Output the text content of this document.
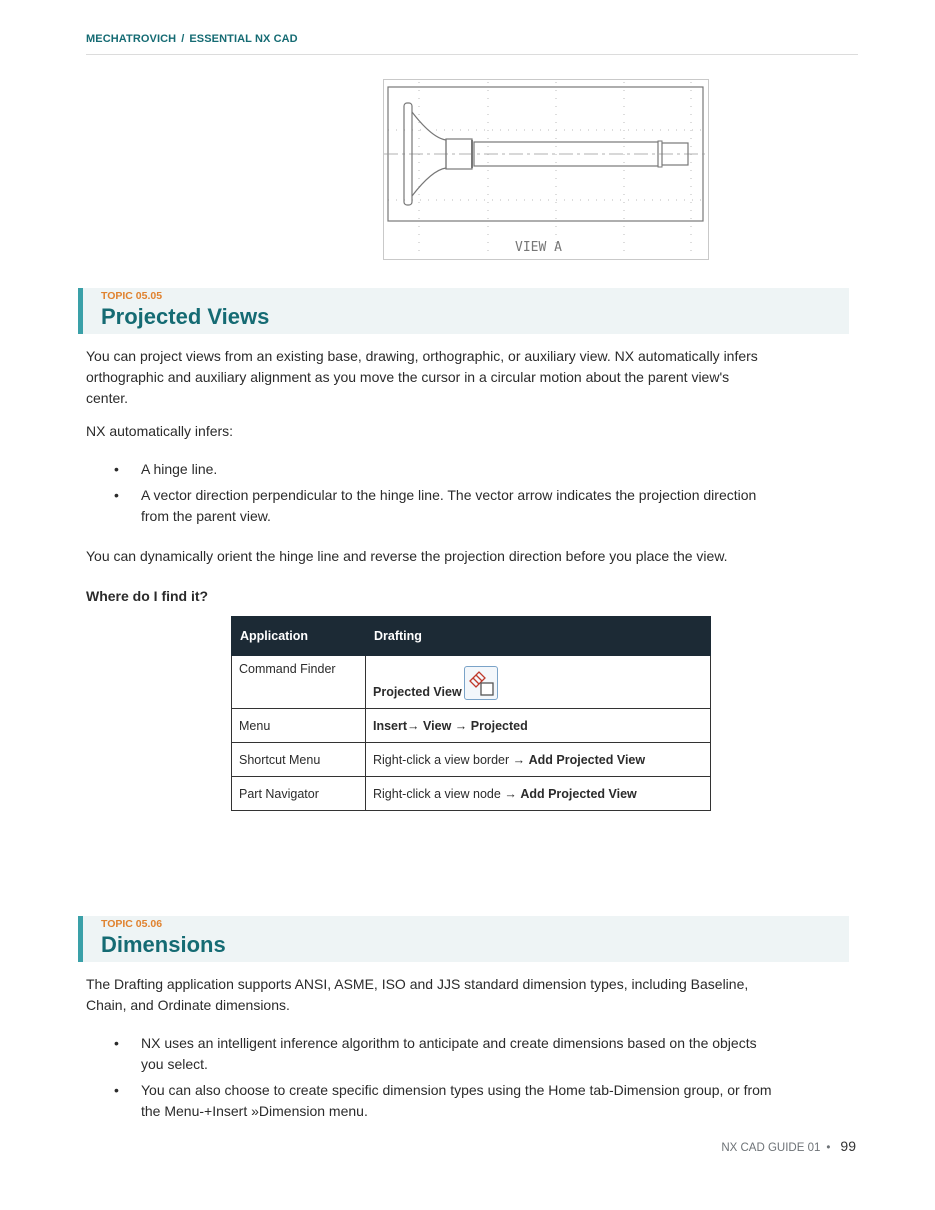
MECHATROVICH / ESSENTIAL NX CAD
VIEW A
TOPIC 05.05
Projected Views
You can project views from an existing base, drawing, orthographic, or auxiliary view. NX automatically infers
orthographic and auxiliary alignment as you move the cursor in a circular motion about the parent view's
center.
NX automatically infers:
• A hinge line.
• A vector direction perpendicular to the hinge line. The vector arrow indicates the projection direction
from the parent view.
You can dynamically orient the hinge line and reverse the projection direction before you place the view.
Where do I find it?
Application	Drafting
Command Finder	Projected View
Menu	Insert→ View → Projected
Shortcut Menu	Right-click a view border → Add Projected View
Part Navigator	Right-click a view node → Add Projected View
TOPIC 05.06
Dimensions
The Drafting application supports ANSI, ASME, ISO and JJS standard dimension types, including Baseline,
Chain, and Ordinate dimensions.
• NX uses an intelligent inference algorithm to anticipate and create dimensions based on the objects
you select.
• You can also choose to create specific dimension types using the Home tab-Dimension group, or from
the Menu-+Insert »Dimension menu.
NX CAD GUIDE 01 • 99
